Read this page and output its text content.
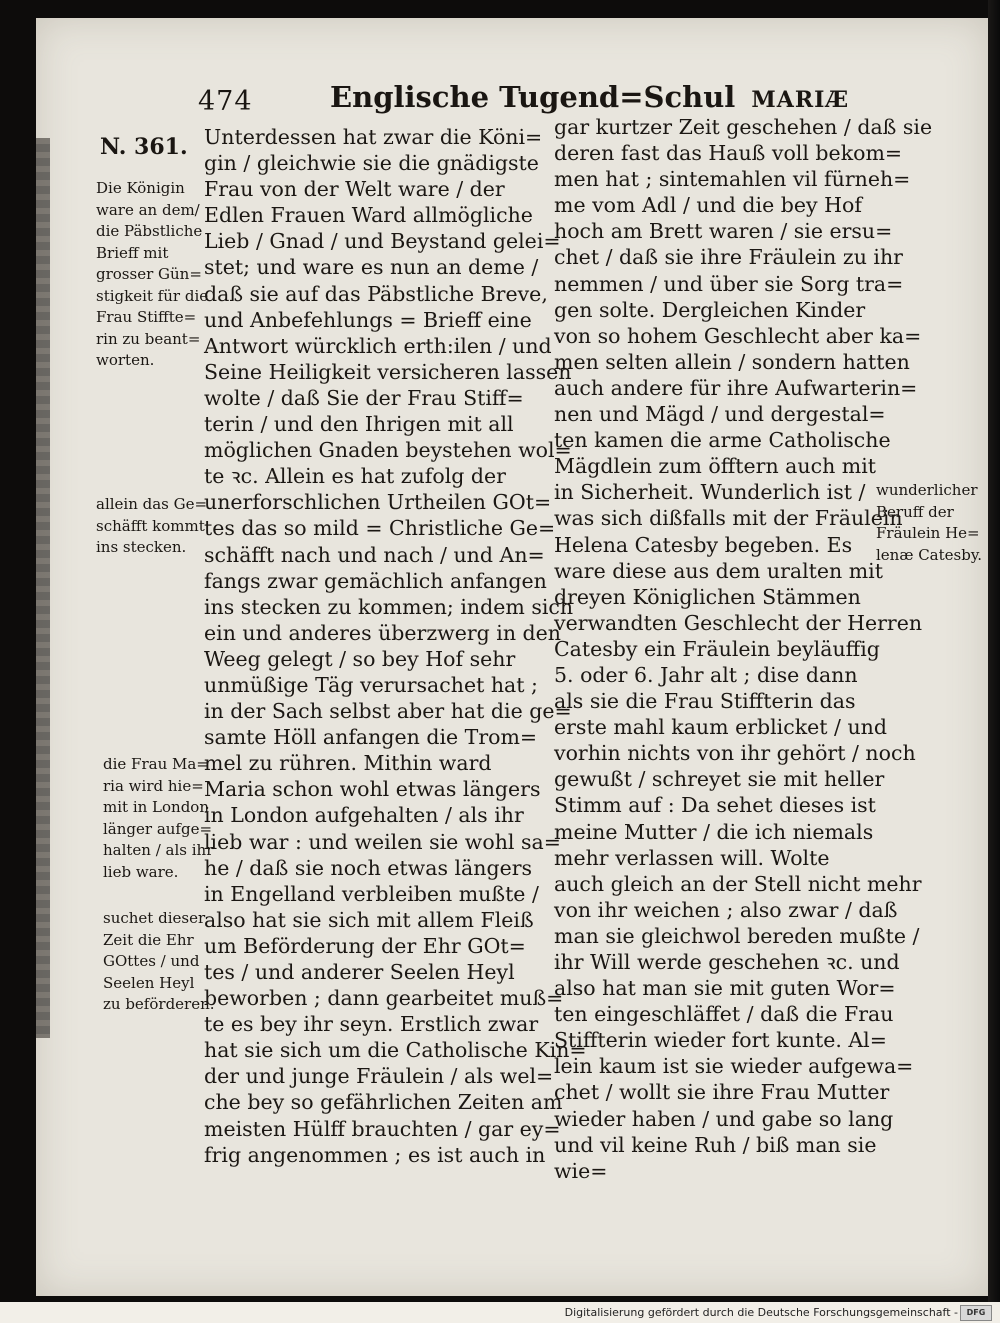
474	Englische Tugend=Schul MARIÆ
N. 361. Unterdessen hat zwar die Köni=
gin / gleichwie sie die gnädigste
Frau von der Welt ware / der
Edlen Frauen Ward allmögliche
Lieb / Gnad / und Beystand gelei=
stet; und ware es nun an deme /
daß sie auf das Päbstliche Breve,
und Anbefehlungs = Brieff eine
Antwort würcklich erth:ilen / und
Seine Heiligkeit versicheren lassen
wolte / daß Sie der Frau Stiff=
terin / und den Ihrigen mit all
möglichen Gnaden beystehen wol=
te ꝛc. Allein es hat zufolg der
unerforschlichen Urtheilen GOt=
tes das so mild = Christliche Ge=
schäfft nach und nach / und An=
fangs zwar gemächlich anfangen
ins stecken zu kommen; indem sich
ein und anderes überzwerg in den
Weeg gelegt / so bey Hof sehr
unmüßige Täg verursachet hat ;
in der Sach selbst aber hat die ge=
samte Höll anfangen die Trom=
mel zu rühren. Mithin ward
Maria schon wohl etwas längers
in London aufgehalten / als ihr
lieb war : und weilen sie wohl sa=
he / daß sie noch etwas längers
in Engelland verbleiben mußte /
also hat sie sich mit allem Fleiß
um Beförderung der Ehr GOt=
tes / und anderer Seelen Heyl
beworben ; dann gearbeitet muß=
te es bey ihr seyn. Erstlich zwar
hat sie sich um die Catholische Kin=
der und junge Fräulein / als wel=
che bey so gefährlichen Zeiten am
meisten Hülff brauchten / gar ey=
frig angenommen ; es ist auch in
gar kurtzer Zeit geschehen / daß sie
deren fast das Hauß voll bekom=
men hat ; sintemahlen vil fürneh=
me vom Adl / und die bey Hof
hoch am Brett waren / sie ersu=
chet / daß sie ihre Fräulein zu ihr
nemmen / und über sie Sorg tra=
gen solte. Dergleichen Kinder
von so hohem Geschlecht aber ka=
men selten allein / sondern hatten
auch andere für ihre Aufwarterin=
nen und Mägd / und dergestal=
ten kamen die arme Catholische
Mägdlein zum öfftern auch mit
in Sicherheit. Wunderlich ist /
was sich dißfalls mit der Fräulein
Helena Catesby begeben. Es
ware diese aus dem uralten mit
dreyen Königlichen Stämmen
verwandten Geschlecht der Herren
Catesby ein Fräulein beyläuffig
5. oder 6. Jahr alt ; dise dann
als sie die Frau Stiffterin das
erste mahl kaum erblicket / und
vorhin nichts von ihr gehört / noch
gewußt / schreyet sie mit heller
Stimm auf : Da sehet dieses ist
meine Mutter / die ich niemals
mehr verlassen will. Wolte
auch gleich an der Stell nicht mehr
von ihr weichen ; also zwar / daß
man sie gleichwol bereden mußte /
ihr Will werde geschehen ꝛc. und
also hat man sie mit guten Wor=
ten eingeschläffet / daß die Frau
Stiffterin wieder fort kunte. Al=
lein kaum ist sie wieder aufgewa=
chet / wollt sie ihre Frau Mutter
wieder haben / und gabe so lang
und vil keine Ruh / biß man sie
wie=
Die Königin
ware an dem/
die Päbstliche
Brieff mit
grosser Gün=
stigkeit für die
Frau Stiffte=
rin zu beant=
worten.
allein das Ge=
schäfft kommt
ins stecken.
die Frau Ma=
ria wird hie=
mit in London
länger aufge=
halten / als ihr
lieb ware.
suchet dieser
Zeit die Ehr
GOttes / und
Seelen Heyl
zu beförderen.
wunderlicher
Beruff der
Fräulein He=
lenæ Catesby.
Digitalisierung gefördert durch die Deutsche Forschungsgemeinschaft -	DFG
